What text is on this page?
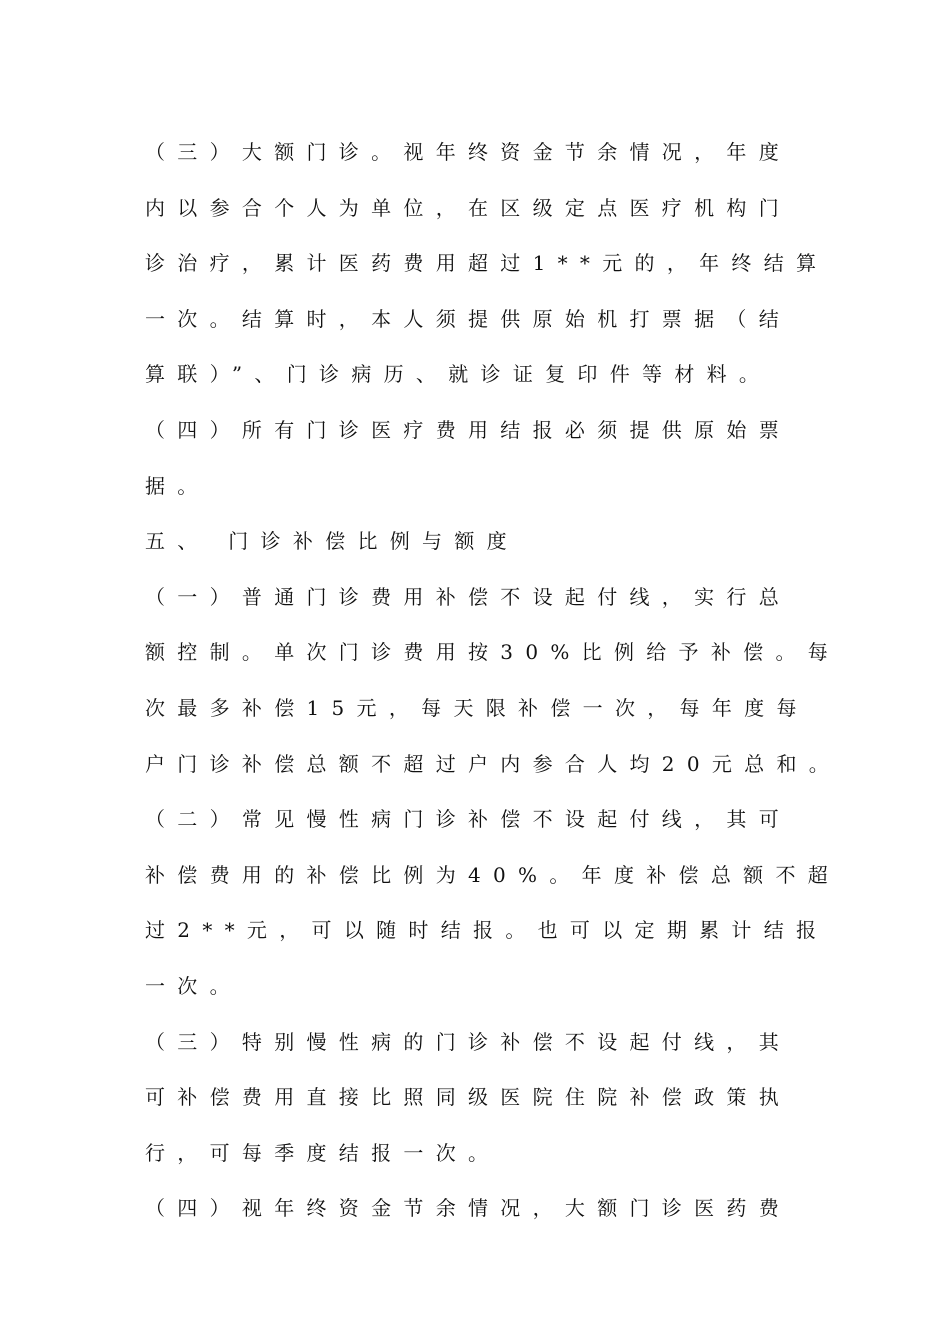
（三）大额门诊。视年终资金节余情况，年度
内以参合个人为单位，在区级定点医疗机构门
诊治疗，累计医药费用超过1**元的，年终结算
一次。结算时，本人须提供原始机打票据（结
算联）”、门诊病历、就诊证复印件等材料。
（四）所有门诊医疗费用结报必须提供原始票
据。
五、 门诊补偿比例与额度
（一）普通门诊费用补偿不设起付线，实行总
额控制。单次门诊费用按30%比例给予补偿。每
次最多补偿15元，每天限补偿一次，每年度每
户门诊补偿总额不超过户内参合人均20元总和。
（二）常见慢性病门诊补偿不设起付线，其可
补偿费用的补偿比例为40%。年度补偿总额不超
过2**元，可以随时结报。也可以定期累计结报
一次。
（三）特别慢性病的门诊补偿不设起付线，其
可补偿费用直接比照同级医院住院补偿政策执
行，可每季度结报一次。
（四）视年终资金节余情况，大额门诊医药费
